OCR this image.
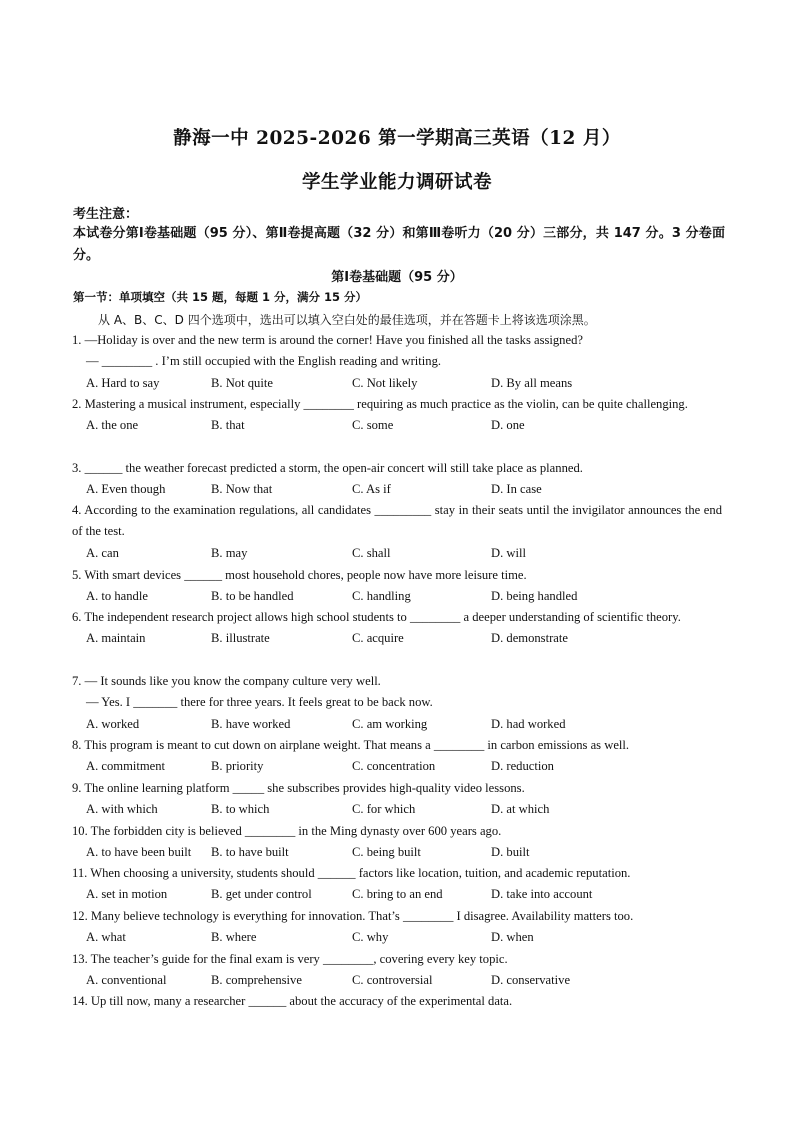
静海一中 2025-2026 第一学期高三英语（12 月）
学生学业能力调研试卷
考生注意：
本试卷分第Ⅰ卷基础题（95 分）、第Ⅱ卷提高题（32 分）和第Ⅲ卷听力（20 分）三部分，共 147 分。3 分卷面分。
第Ⅰ卷基础题（95 分）
第一节：单项填空（共 15 题，每题 1 分，满分 15 分）
从 A、B、C、D 四个选项中，选出可以填入空白处的最佳选项，并在答题卡上将该选项涂黑。
1. —Holiday is over and the new term is around the corner! Have you finished all the tasks assigned?
— ________ . I’m still occupied with the English reading and writing.
A. Hard to say	B. Not quite	C. Not likely	D. By all means
2. Mastering a musical instrument, especially ________ requiring as much practice as the violin, can be quite challenging.
A. the one	B. that	C. some	D. one
3. ______ the weather forecast predicted a storm, the open-air concert will still take place as planned.
A. Even though	B. Now that	C. As if	D. In case
4. According to the examination regulations, all candidates _________ stay in their seats until the invigilator announces the end of the test.
A. can	B. may	C. shall	D. will
5. With smart devices ______ most household chores, people now have more leisure time.
A. to handle	B. to be handled	C. handling	D. being handled
6. The independent research project allows high school students to ________ a deeper understanding of scientific theory.
A. maintain	B. illustrate	C. acquire	D. demonstrate
7. — It sounds like you know the company culture very well.
— Yes. I _______ there for three years. It feels great to be back now.
A. worked	B. have worked	C. am working	D. had worked
8. This program is meant to cut down on airplane weight. That means a ________ in carbon emissions as well.
A. commitment	B. priority	C. concentration	D. reduction
9. The online learning platform _____ she subscribes provides high-quality video lessons.
A. with which	B. to which	C. for which	D. at which
10. The forbidden city is believed ________ in the Ming dynasty over 600 years ago.
A. to have been built B. to have built	C. being built	D. built
11. When choosing a university, students should ______ factors like location, tuition, and academic reputation.
A. set in motion	B. get under control	C. bring to an end	D. take into account
12. Many believe technology is everything for innovation. That’s ________ I disagree. Availability matters too.
A. what	B. where	C. why	D. when
13. The teacher’s guide for the final exam is very ________, covering every key topic.
A. conventional	B. comprehensive	C. controversial	D. conservative
14. Up till now, many a researcher ______ about the accuracy of the experimental data.
